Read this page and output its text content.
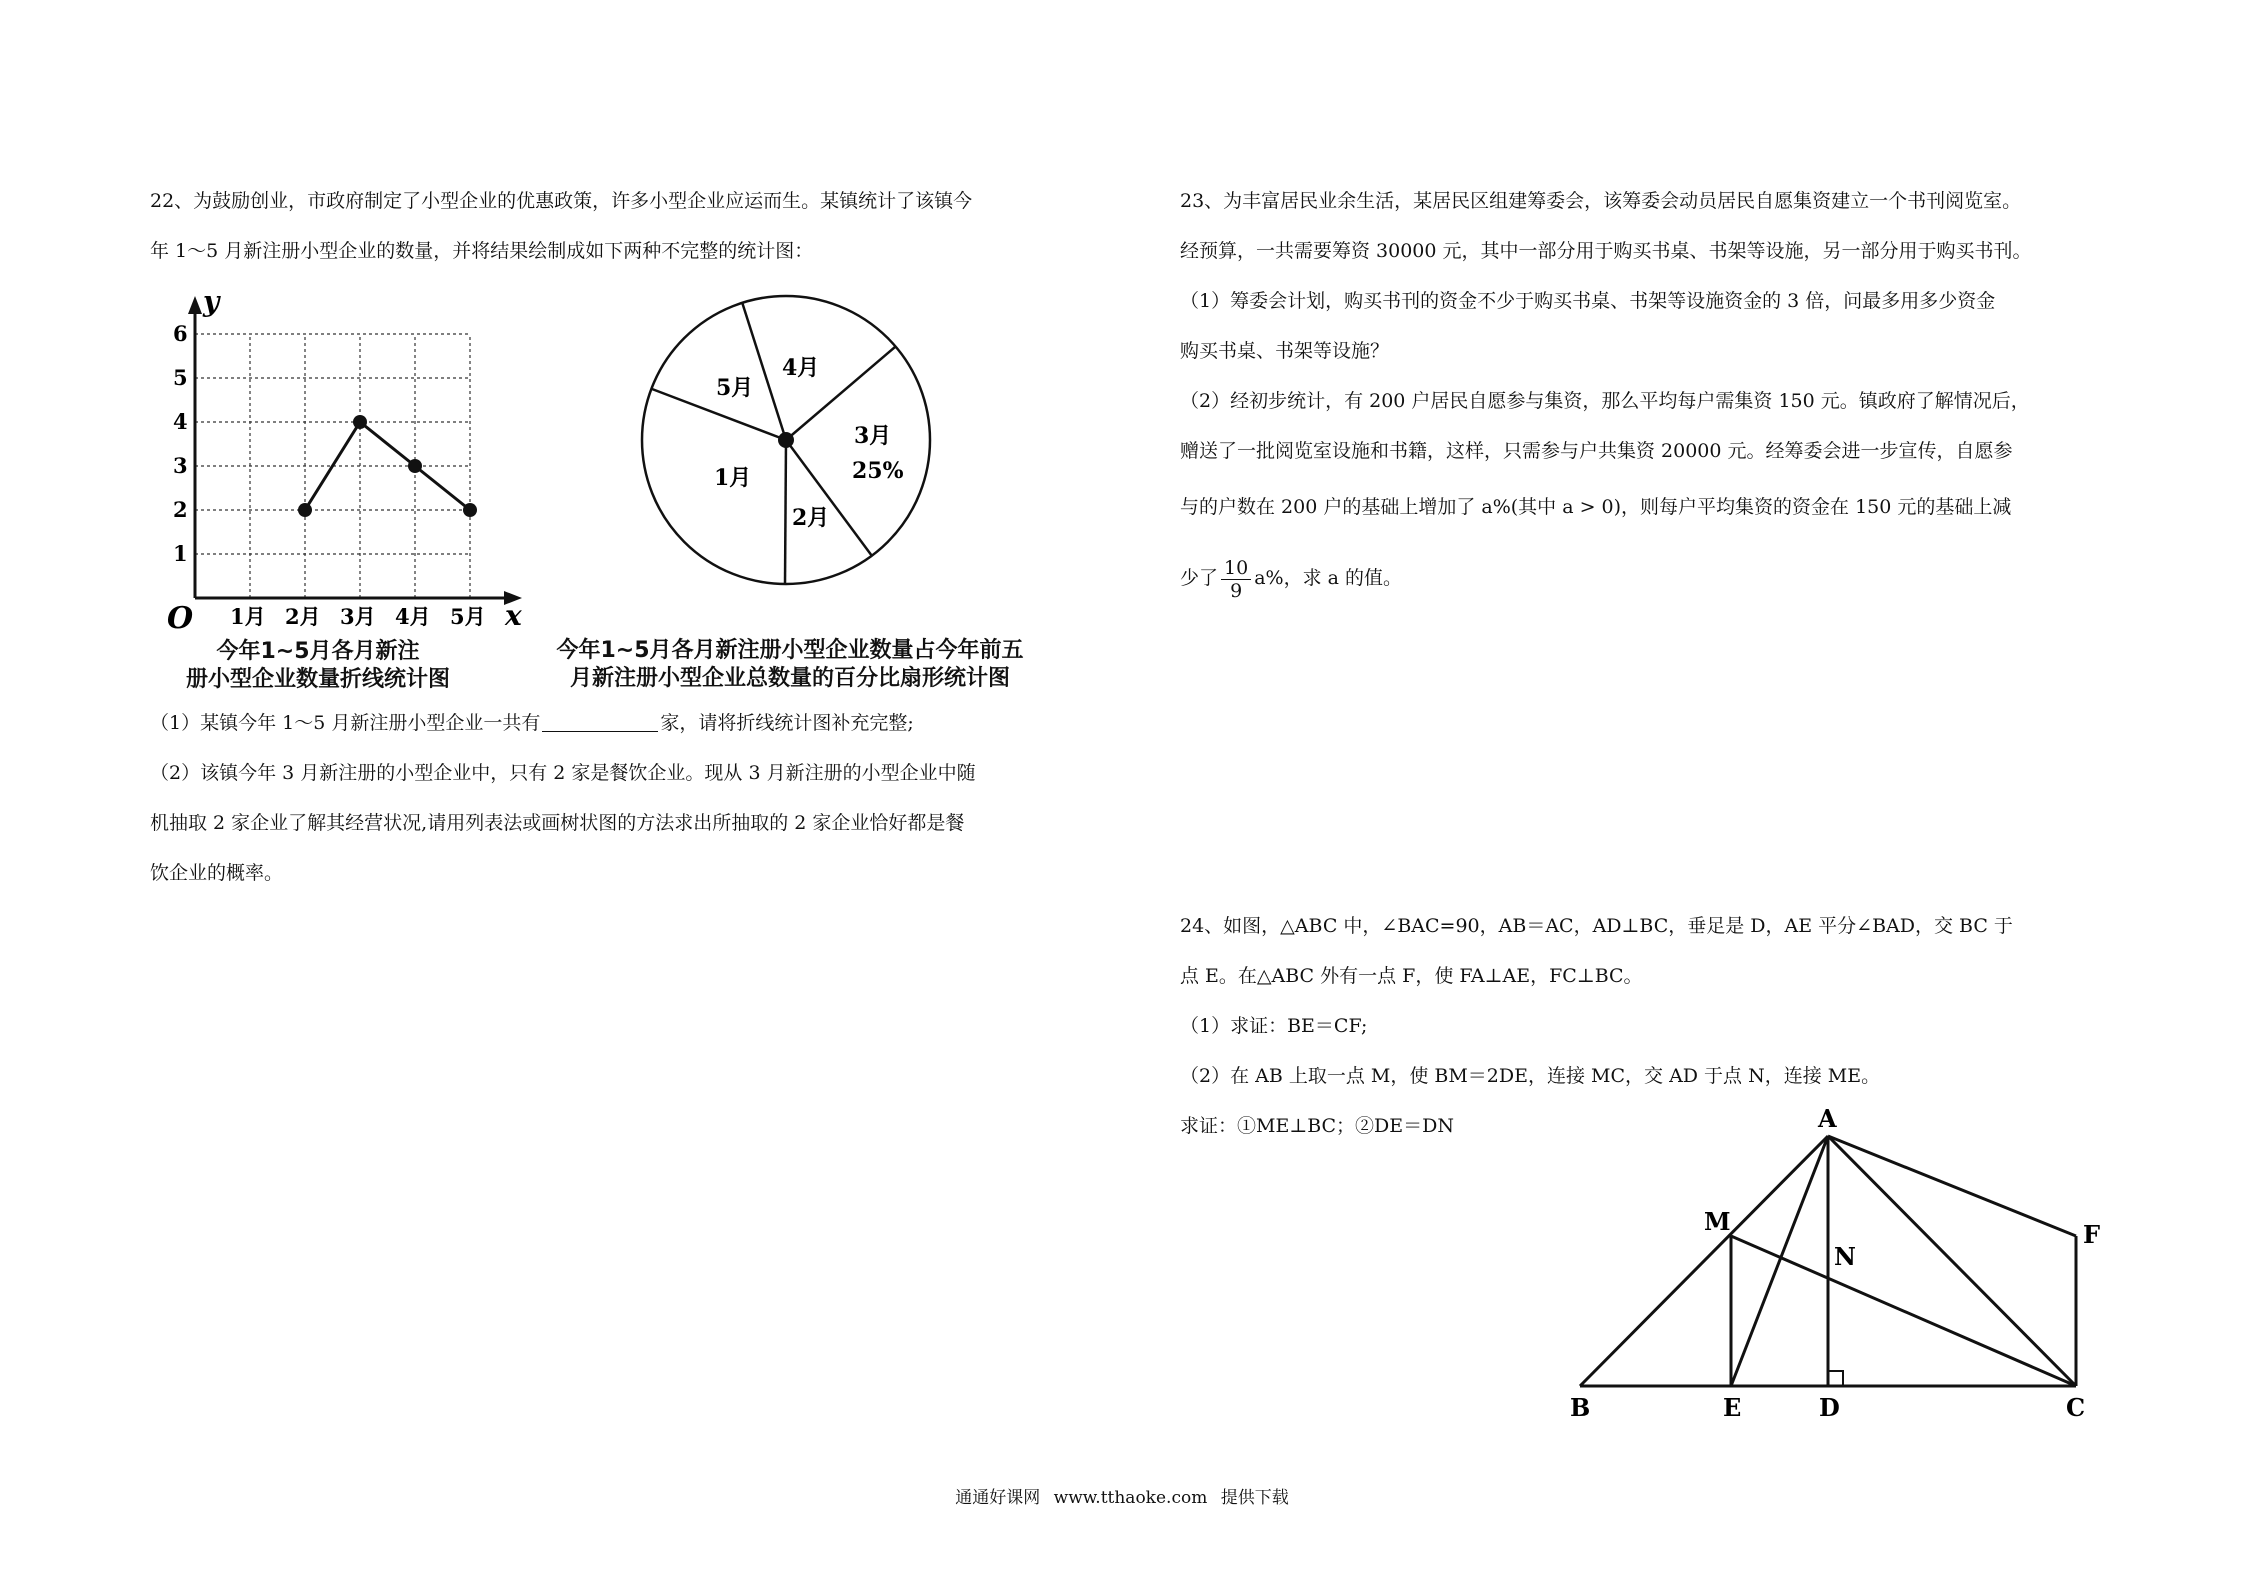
22、为鼓励创业，市政府制定了小型企业的优惠政策，许多小型企业应运而生。某镇统计了该镇今
年 1～5 月新注册小型企业的数量，并将结果绘制成如下两种不完整的统计图：
1
2
3
4
5
6
1月 2月 3月 4月 5月
y
x
O
今年1~5月各月新注
册小型企业数量折线统计图
5月
4月
3月
25%
1月
2月
今年1~5月各月新注册小型企业数量占今年前五
月新注册小型企业总数量的百分比扇形统计图
（1）某镇今年 1～5 月新注册小型企业一共有	家，请将折线统计图补充完整;
（2）该镇今年 3 月新注册的小型企业中，只有 2 家是餐饮企业。现从 3 月新注册的小型企业中随
机抽取 2 家企业了解其经营状况,请用列表法或画树状图的方法求出所抽取的 2 家企业恰好都是餐
饮企业的概率。
23、为丰富居民业余生活，某居民区组建筹委会，该筹委会动员居民自愿集资建立一个书刊阅览室。
经预算，一共需要筹资 30000 元，其中一部分用于购买书桌、书架等设施，另一部分用于购买书刊。
（1）筹委会计划，购买书刊的资金不少于购买书桌、书架等设施资金的 3 倍，问最多用多少资金
购买书桌、书架等设施？
（2）经初步统计，有 200 户居民自愿参与集资，那么平均每户需集资 150 元。镇政府了解情况后，
赠送了一批阅览室设施和书籍，这样，只需参与户共集资 20000 元。经筹委会进一步宣传，自愿参
与的户数在 200 户的基础上增加了 a%(其中 a > 0)，则每户平均集资的资金在 150 元的基础上减
少了 $\frac{10}{9} a\%$，求 a 的值。
24、如图，△ABC 中，∠BAC=90，AB＝AC，AD⊥BC，垂足是 D，AE 平分∠BAD，交 BC 于
点 E。在△ABC 外有一点 F，使 FA⊥AE，FC⊥BC。
（1）求证：BE＝CF;
（2）在 AB 上取一点 M，使 BM＝2DE，连接 MC，交 AD 于点 N，连接 ME。
求证：①ME⊥BC；②DE＝DN	A
B	C
D
E
F
M
N
通通好课网 www.tthaoke.com 提供下载
